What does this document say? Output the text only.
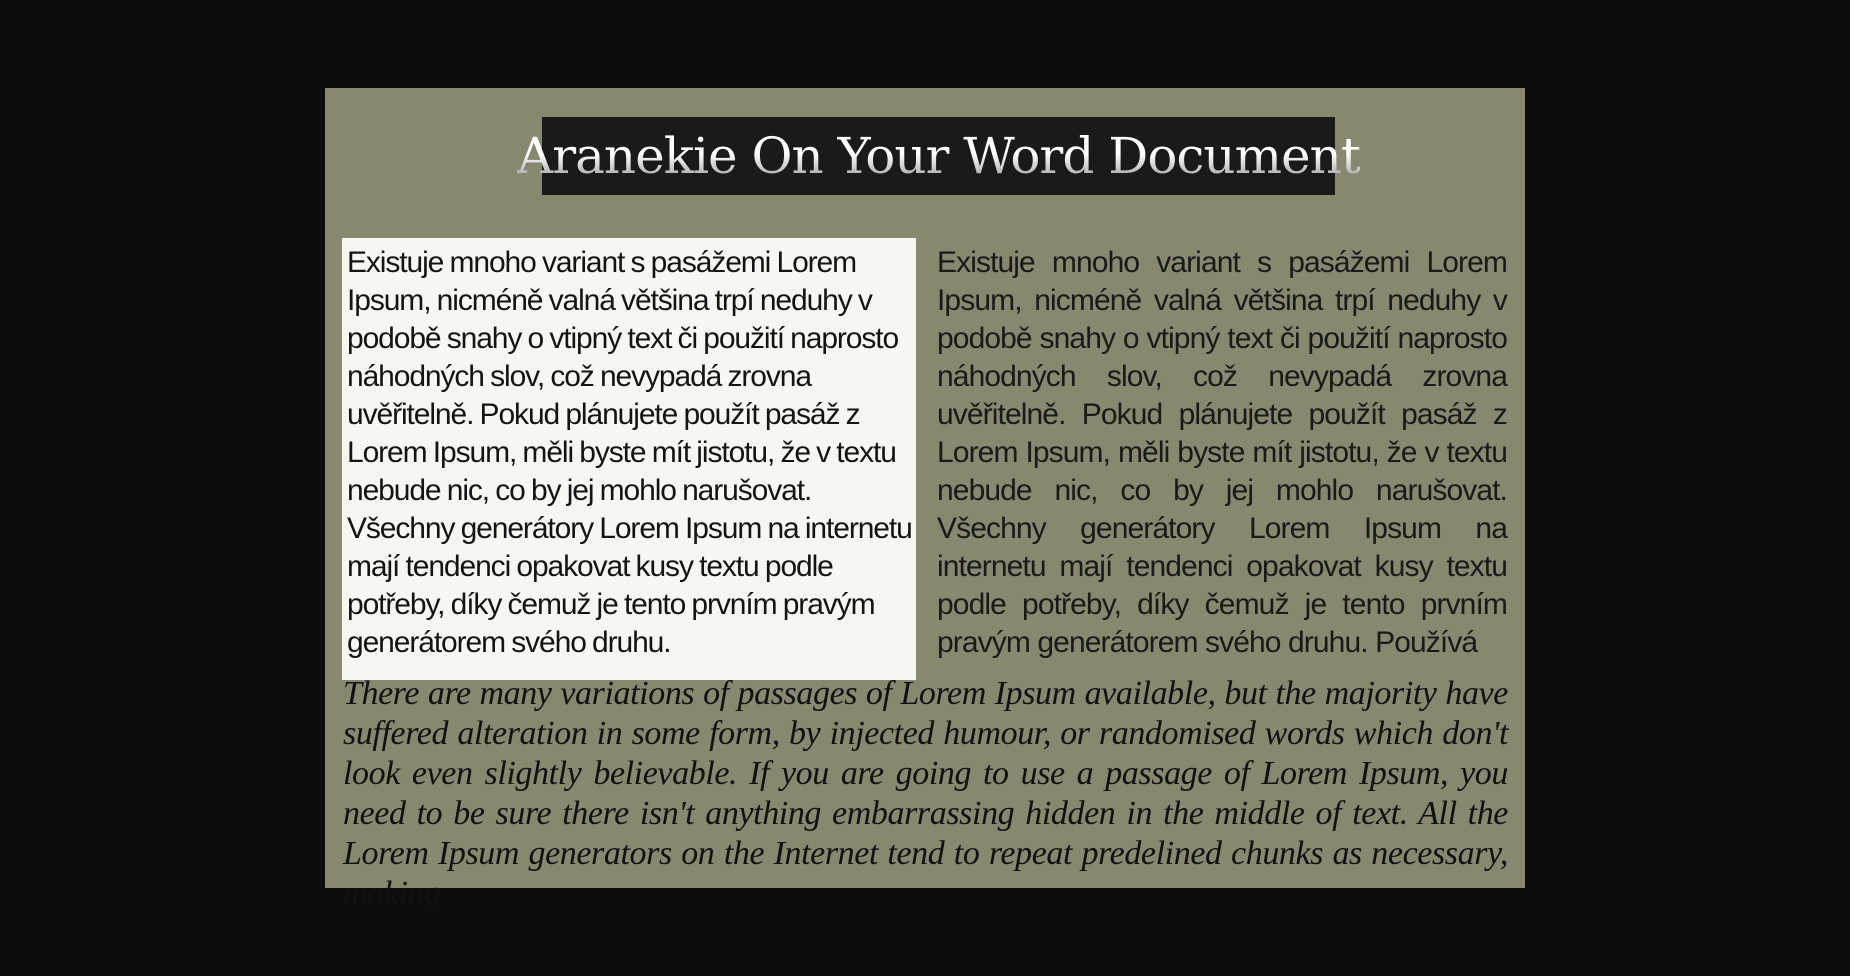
Aranekie On Your Word Document

Existuje mnoho variant s pasážemi Lorem Ipsum, nicméně valná většina trpí neduhy v podobě snahy o vtipný text či použití naprosto náhodných slov, což nevypadá zrovna uvěřitelně. Pokud plánujete použít pasáž z Lorem Ipsum, měli byste mít jistotu, že v textu nebude nic, co by jej mohlo narušovat. Všechny generátory Lorem Ipsum na internetu mají tendenci opakovat kusy textu podle potřeby, díky čemuž je tento prvním pravým generátorem svého druhu.

Existuje mnoho variant s pasážemi Lorem Ipsum, nicméně valná většina trpí neduhy v podobě snahy o vtipný text či použití naprosto náhodných slov, což nevypadá zrovna uvěřitelně. Pokud plánujete použít pasáž z Lorem Ipsum, měli byste mít jistotu, že v textu nebude nic, co by jej mohlo narušovat. Všechny generátory Lorem Ipsum na internetu mají tendenci opakovat kusy textu podle potřeby, díky čemuž je tento prvním pravým generátorem svého druhu. Používá

There are many variations of passages of Lorem Ipsum available, but the majority have suffered alteration in some form, by injected humour, or randomised words which don't look even slightly believable. If you are going to use a passage of Lorem Ipsum, you need to be sure there isn't anything embarrassing hidden in the middle of text. All the Lorem Ipsum generators on the Internet tend to repeat predelined chunks as necessary, making
